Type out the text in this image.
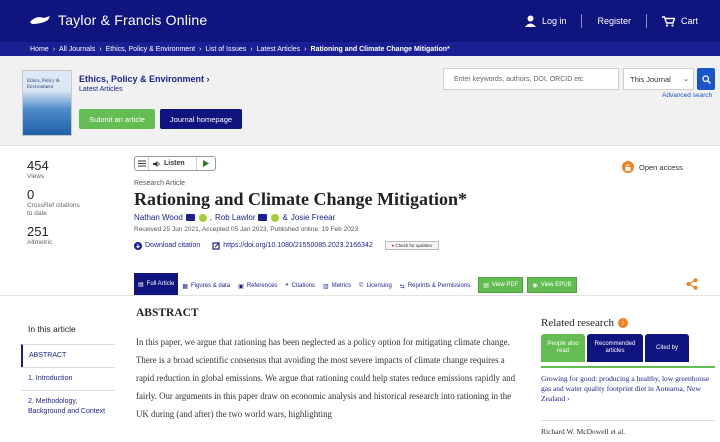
Taylor & Francis Online	Log in	Register	Cart
Home › All Journals › Ethics, Policy & Environment › List of Issues › Latest Articles › Rationing and Climate Change Mitigation*
Ethics, Policy & Environment
Ethics, Policy & Environment ›
Latest Articles
Submit an article	Journal homepage
Enter keywords, authors, DOI, ORCID etc	This Journal ⌄
Advanced search
454
Views
0
CrossRef citations to date
251
Altmetric
Listen	Open access
Research Article
Rationing and Climate Change Mitigation*
Nathan Wood	, Rob Lawlor	& Josie Freear
Received 25 Jun 2021, Accepted 05 Jan 2023, Published online: 19 Feb 2023
Download citation	https://doi.org/10.1080/21550085.2023.2166342	● Check for updates
▤ Full Article ▦ Figures & data ▣ References ❞ Citations ▥ Metrics © Licensing ⇆ Reprints & Permissions ▤ View PDF ◉ View EPUB
In this article
ABSTRACT
1. Introduction
2. Methodology, Background and Context
ABSTRACT
In this paper, we argue that rationing has been neglected as a policy option for mitigating climate change. There is a broad scientific consensus that avoiding the most severe impacts of climate change requires a rapid reduction in global emissions. We argue that rationing could help states reduce emissions rapidly and fairly. Our arguments in this paper draw on economic analysis and historical research into rationing in the UK during (and after) the two world wars, highlighting
Related research	i
People also read
Recommended articles
Cited by
Growing for good: producing a healthy, low greenhouse gas and water quality footprint diet in Aotearoa, New Zealand ›
Richard W. McDowell et al.
